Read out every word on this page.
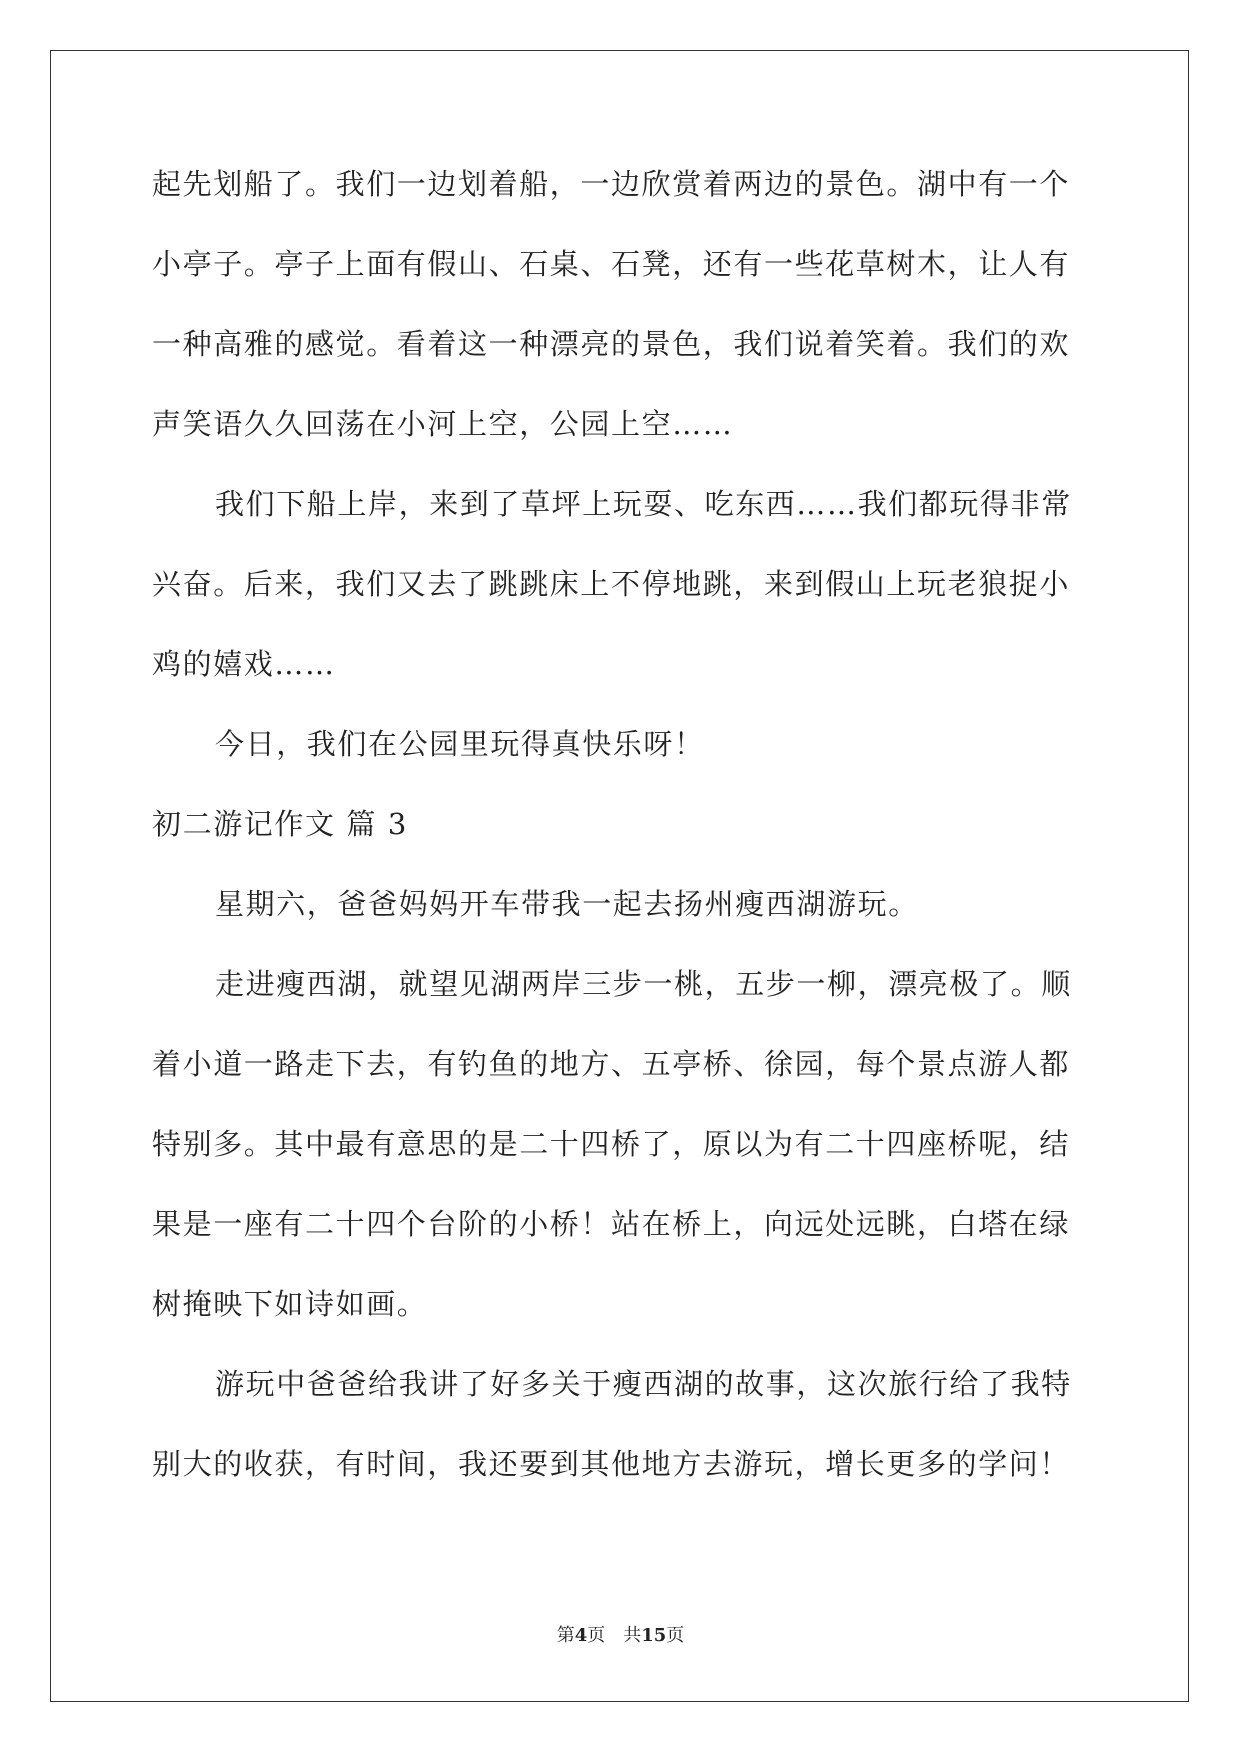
起先划船了。我们一边划着船，一边欣赏着两边的景色。湖中有一个
小亭子。亭子上面有假山、石桌、石凳，还有一些花草树木，让人有
一种高雅的感觉。看着这一种漂亮的景色，我们说着笑着。我们的欢
声笑语久久回荡在小河上空，公园上空……
我们下船上岸，来到了草坪上玩耍、吃东西……我们都玩得非常
兴奋。后来，我们又去了跳跳床上不停地跳，来到假山上玩老狼捉小
鸡的嬉戏……
今日，我们在公园里玩得真快乐呀！
初二游记作文 篇 3
星期六，爸爸妈妈开车带我一起去扬州瘦西湖游玩。
走进瘦西湖，就望见湖两岸三步一桃，五步一柳，漂亮极了。顺
着小道一路走下去，有钓鱼的地方、五亭桥、徐园，每个景点游人都
特别多。其中最有意思的是二十四桥了，原以为有二十四座桥呢，结
果是一座有二十四个台阶的小桥！站在桥上，向远处远眺，白塔在绿
树掩映下如诗如画。
游玩中爸爸给我讲了好多关于瘦西湖的故事，这次旅行给了我特
别大的收获，有时间，我还要到其他地方去游玩，增长更多的学问！
第4页 共15页
